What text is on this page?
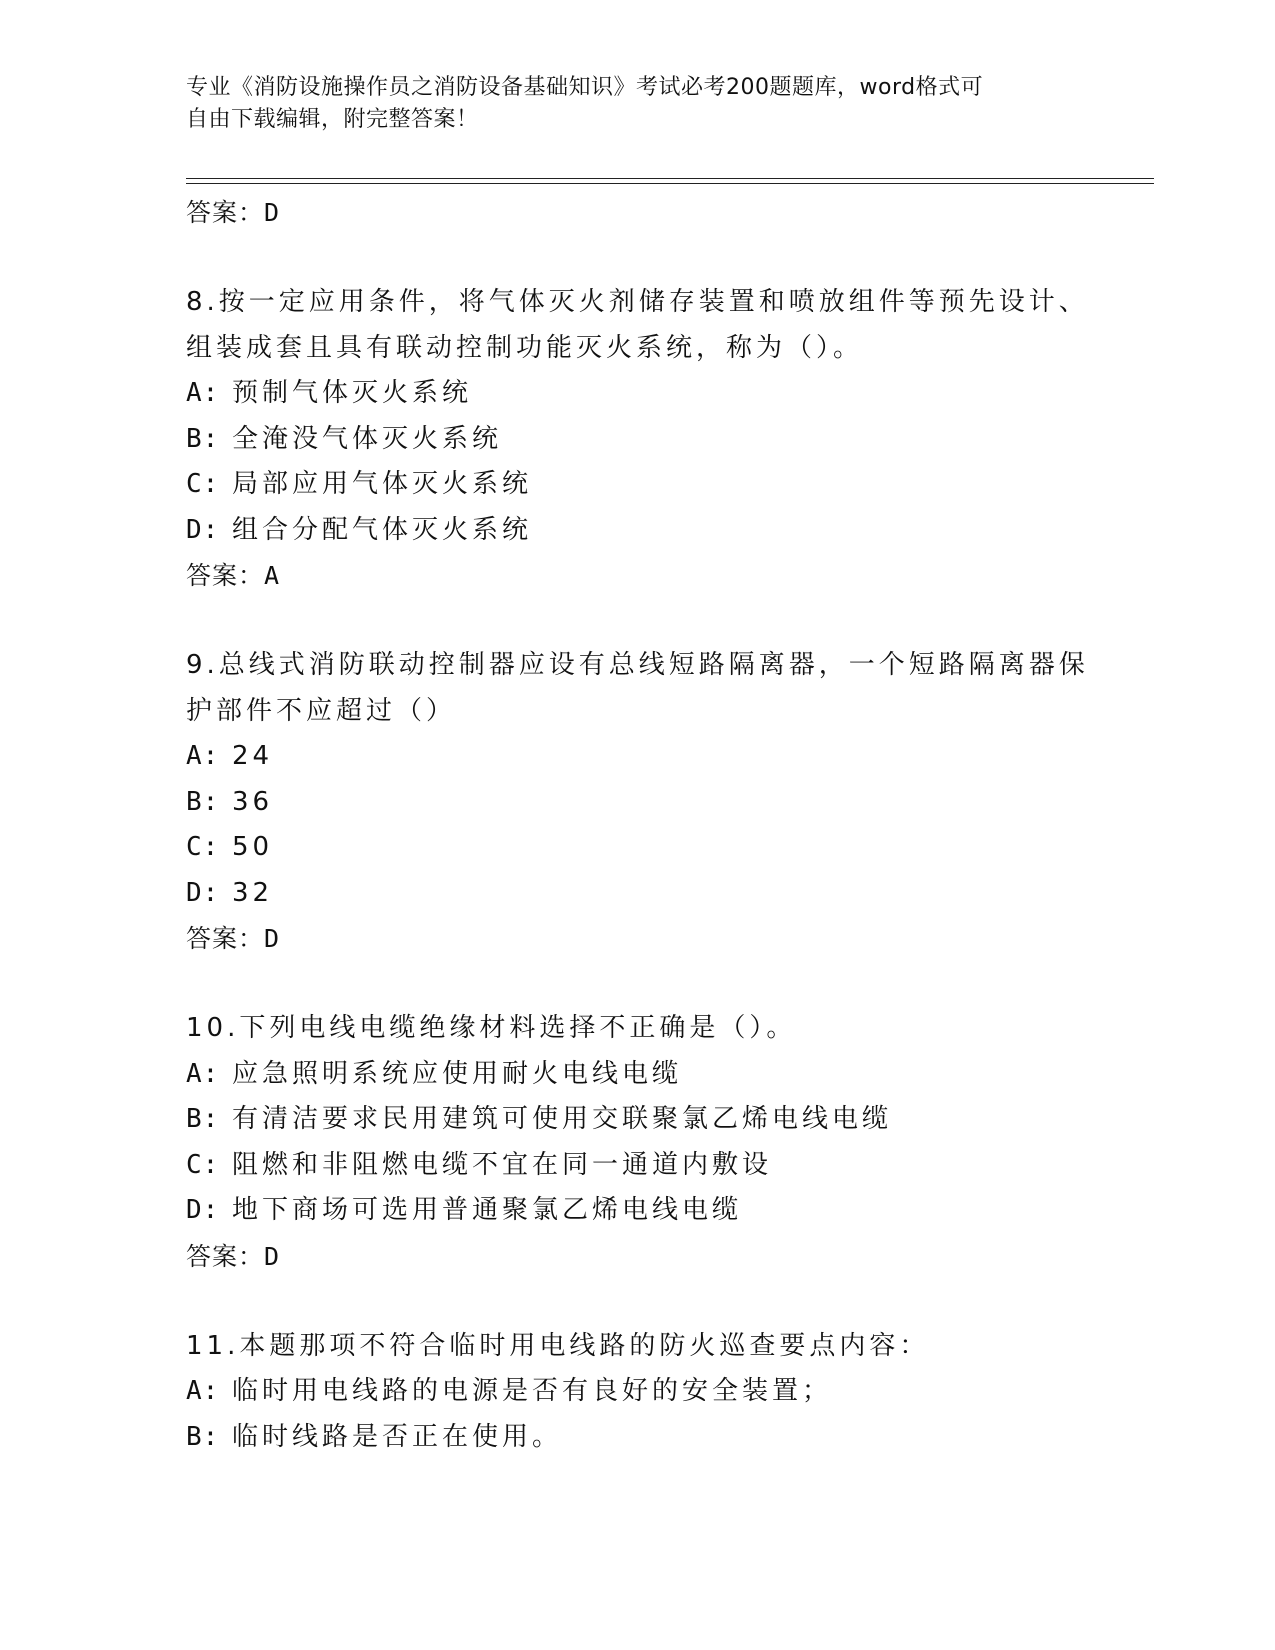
专业《消防设施操作员之消防设备基础知识》考试必考200题题库，word格式可
自由下载编辑，附完整答案！
答案：D
8.按一定应用条件，将气体灭火剂储存装置和喷放组件等预先设计、
组装成套且具有联动控制功能灭火系统，称为（）。
A: 预制气体灭火系统
B: 全淹没气体灭火系统
C: 局部应用气体灭火系统
D: 组合分配气体灭火系统
答案：A
9.总线式消防联动控制器应设有总线短路隔离器，一个短路隔离器保
护部件不应超过（）
A: 24
B: 36
C: 50
D: 32
答案：D
10.下列电线电缆绝缘材料选择不正确是（）。
A: 应急照明系统应使用耐火电线电缆
B: 有清洁要求民用建筑可使用交联聚氯乙烯电线电缆
C: 阻燃和非阻燃电缆不宜在同一通道内敷设
D: 地下商场可选用普通聚氯乙烯电线电缆
答案：D
11.本题那项不符合临时用电线路的防火巡查要点内容：
A: 临时用电线路的电源是否有良好的安全装置；
B: 临时线路是否正在使用。
